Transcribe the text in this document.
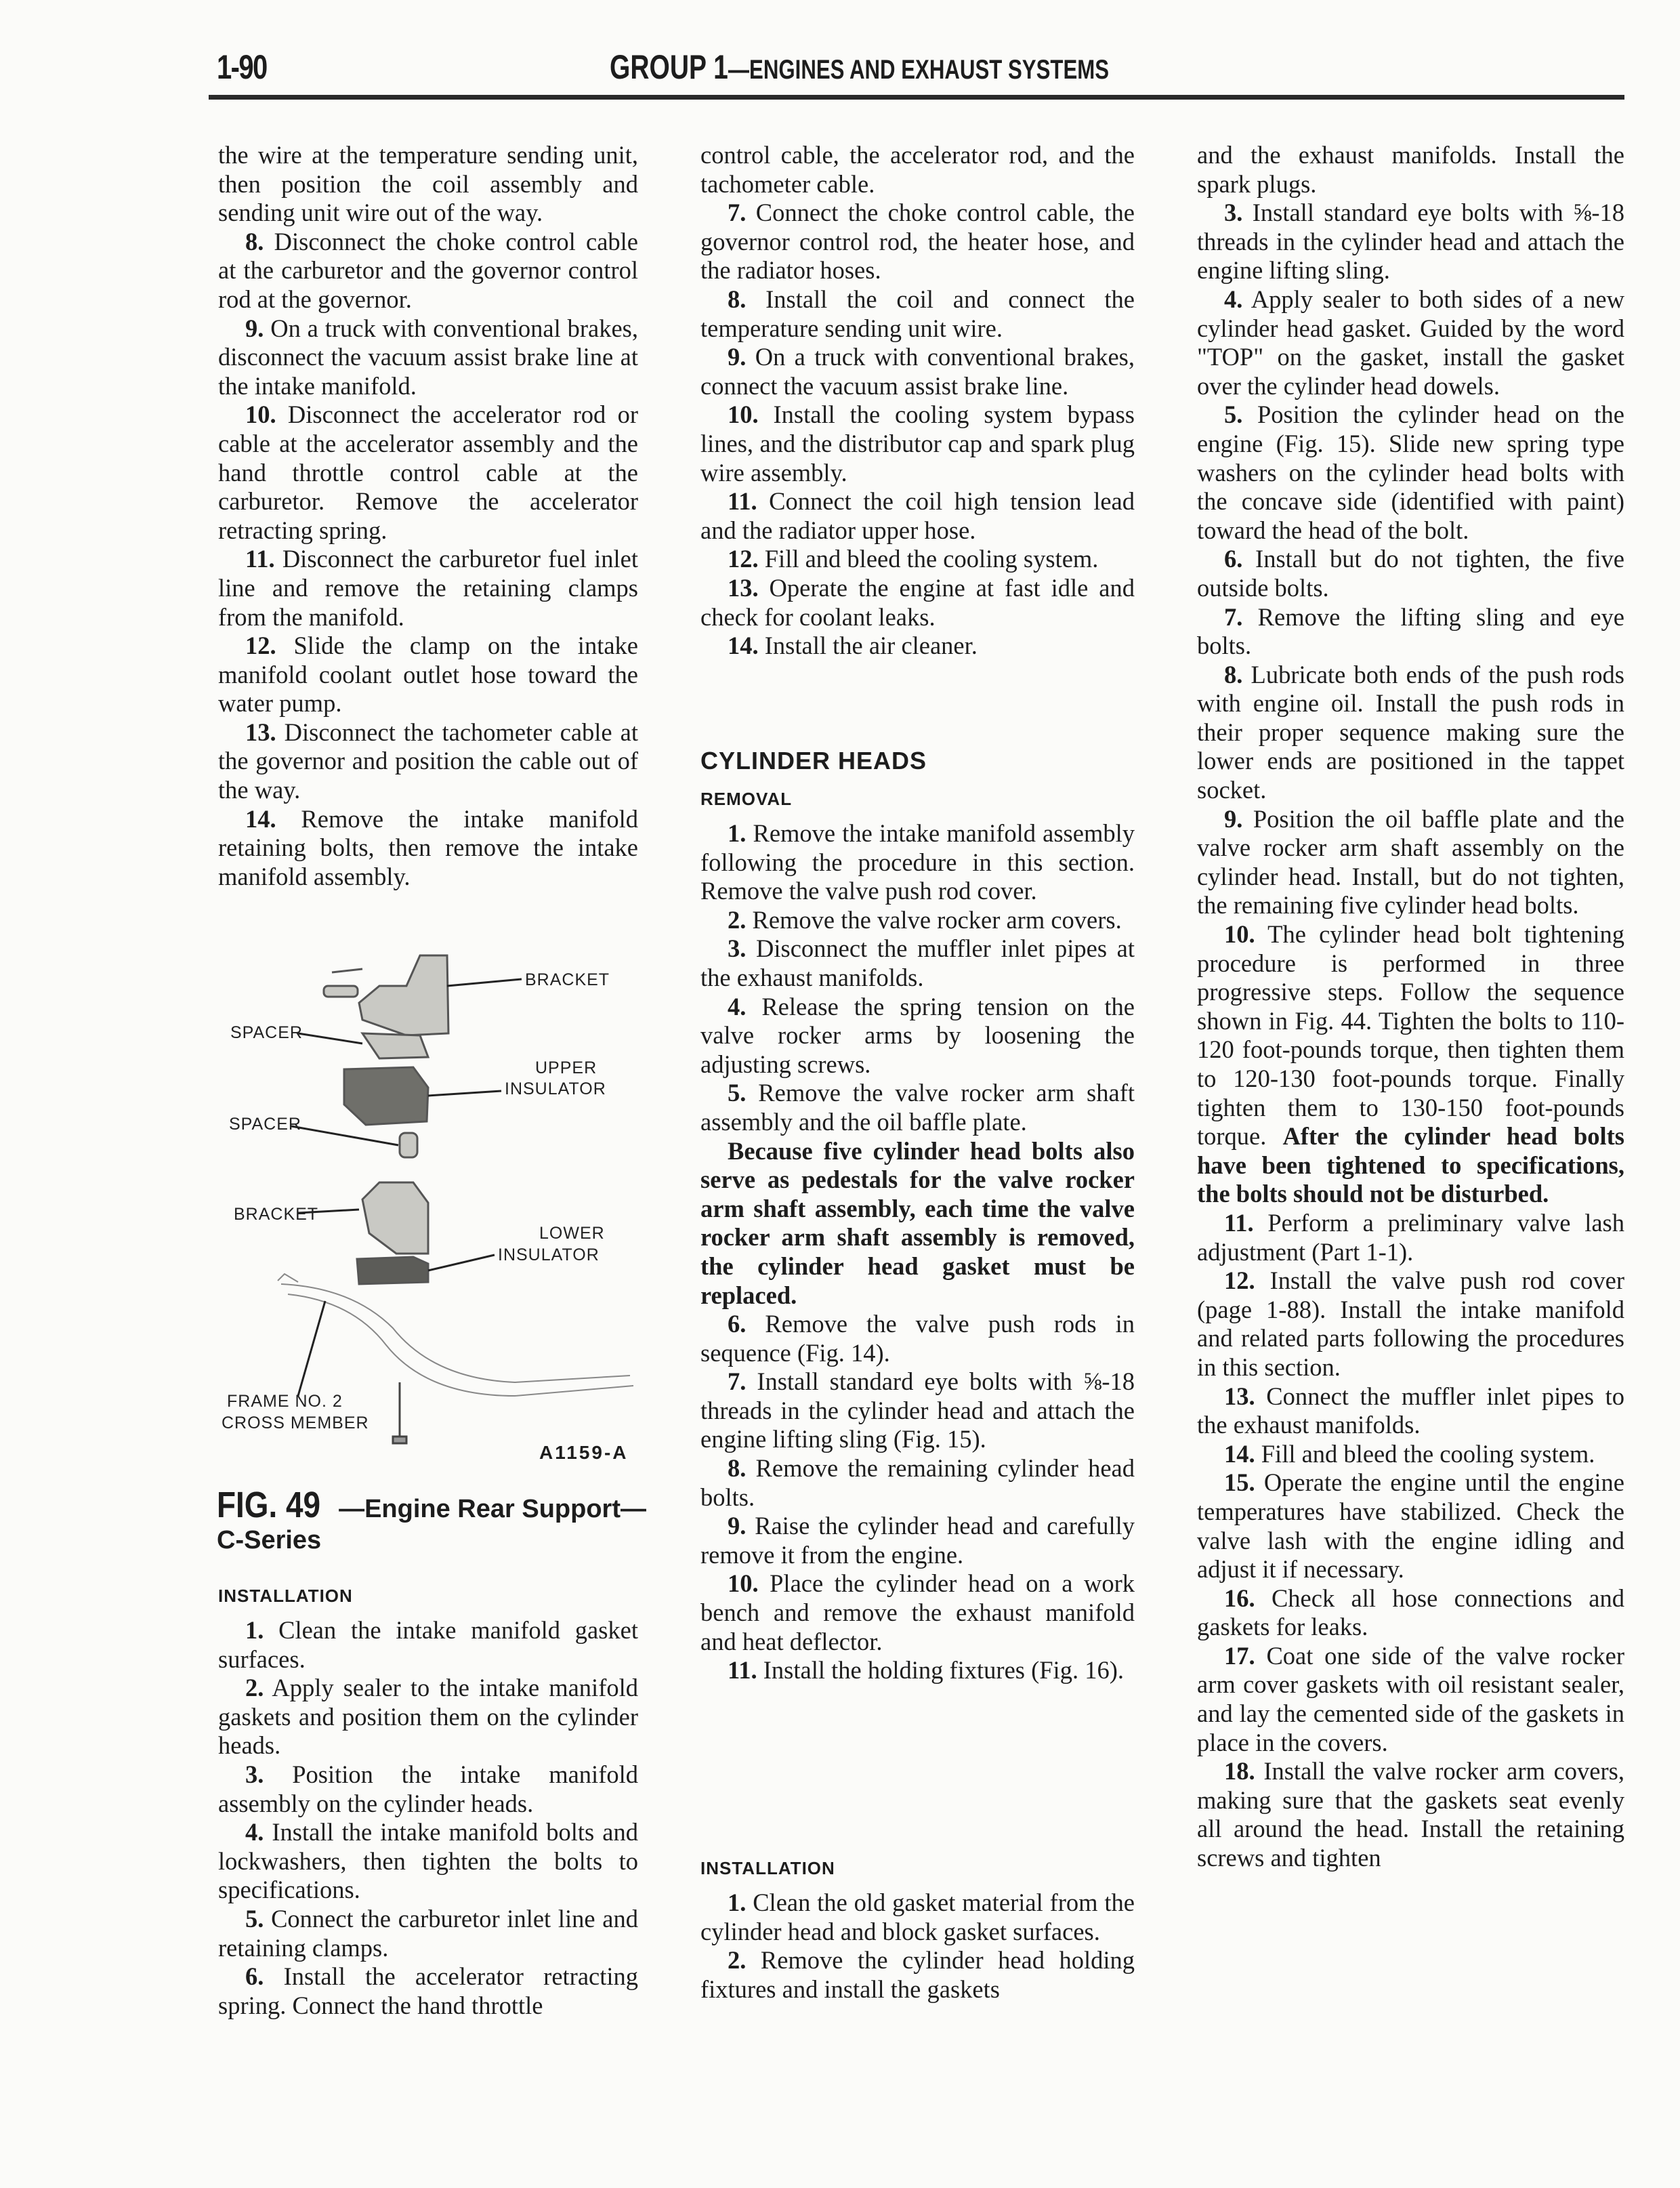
1-90	GROUP 1—ENGINES AND EXHAUST SYSTEMS

the wire at the temperature sending unit, then position the coil assembly and sending unit wire out of the way.

8. Disconnect the choke control cable at the carburetor and the governor control rod at the governor.

9. On a truck with conventional brakes, disconnect the vacuum assist brake line at the intake manifold.

10. Disconnect the accelerator rod or cable at the accelerator assembly and the hand throttle control cable at the carburetor. Remove the accelerator retracting spring.

11. Disconnect the carburetor fuel inlet line and remove the retaining clamps from the manifold.

12. Slide the clamp on the intake manifold coolant outlet hose toward the water pump.

13. Disconnect the tachometer cable at the governor and position the cable out of the way.

14. Remove the intake manifold retaining bolts, then remove the intake manifold assembly.

BRACKET
SPACER
UPPER
INSULATOR
SPACER
BRACKET
LOWER
INSULATOR
FRAME NO. 2
CROSS MEMBER
A1159-A
FIG. 49 —Engine Rear Support—
C-Series
INSTALLATION

1. Clean the intake manifold gasket surfaces.

2. Apply sealer to the intake manifold gaskets and position them on the cylinder heads.

3. Position the intake manifold assembly on the cylinder heads.

4. Install the intake manifold bolts and lockwashers, then tighten the bolts to specifications.

5. Connect the carburetor inlet line and retaining clamps.

6. Install the accelerator retracting spring. Connect the hand throttle

control cable, the accelerator rod, and the tachometer cable.

7. Connect the choke control cable, the governor control rod, the heater hose, and the radiator hoses.

8. Install the coil and connect the temperature sending unit wire.

9. On a truck with conventional brakes, connect the vacuum assist brake line.

10. Install the cooling system bypass lines, and the distributor cap and spark plug wire assembly.

11. Connect the coil high tension lead and the radiator upper hose.

12. Fill and bleed the cooling system.

13. Operate the engine at fast idle and check for coolant leaks.

14. Install the air cleaner.

CYLINDER HEADS
REMOVAL

1. Remove the intake manifold assembly following the procedure in this section. Remove the valve push rod cover.

2. Remove the valve rocker arm covers.

3. Disconnect the muffler inlet pipes at the exhaust manifolds.

4. Release the spring tension on the valve rocker arms by loosening the adjusting screws.

5. Remove the valve rocker arm shaft assembly and the oil baffle plate.

Because five cylinder head bolts also serve as pedestals for the valve rocker arm shaft assembly, each time the valve rocker arm shaft assembly is removed, the cylinder head gasket must be replaced.

6. Remove the valve push rods in sequence (Fig. 14).

7. Install standard eye bolts with ⅝-18 threads in the cylinder head and attach the engine lifting sling (Fig. 15).

8. Remove the remaining cylinder head bolts.

9. Raise the cylinder head and carefully remove it from the engine.

10. Place the cylinder head on a work bench and remove the exhaust manifold and heat deflector.

11. Install the holding fixtures (Fig. 16).

INSTALLATION

1. Clean the old gasket material from the cylinder head and block gasket surfaces.

2. Remove the cylinder head holding fixtures and install the gaskets

and the exhaust manifolds. Install the spark plugs.

3. Install standard eye bolts with ⅝-18 threads in the cylinder head and attach the engine lifting sling.

4. Apply sealer to both sides of a new cylinder head gasket. Guided by the word "TOP" on the gasket, install the gasket over the cylinder head dowels.

5. Position the cylinder head on the engine (Fig. 15). Slide new spring type washers on the cylinder head bolts with the concave side (identified with paint) toward the head of the bolt.

6. Install but do not tighten, the five outside bolts.

7. Remove the lifting sling and eye bolts.

8. Lubricate both ends of the push rods with engine oil. Install the push rods in their proper sequence making sure the lower ends are positioned in the tappet socket.

9. Position the oil baffle plate and the valve rocker arm shaft assembly on the cylinder head. Install, but do not tighten, the remaining five cylinder head bolts.

10. The cylinder head bolt tightening procedure is performed in three progressive steps. Follow the sequence shown in Fig. 44. Tighten the bolts to 110-120 foot-pounds torque, then tighten them to 120-130 foot-pounds torque. Finally tighten them to 130-150 foot-pounds torque. After the cylinder head bolts have been tightened to specifications, the bolts should not be disturbed.

11. Perform a preliminary valve lash adjustment (Part 1-1).

12. Install the valve push rod cover (page 1-88). Install the intake manifold and related parts following the procedures in this section.

13. Connect the muffler inlet pipes to the exhaust manifolds.

14. Fill and bleed the cooling system.

15. Operate the engine until the engine temperatures have stabilized. Check the valve lash with the engine idling and adjust it if necessary.

16. Check all hose connections and gaskets for leaks.

17. Coat one side of the valve rocker arm cover gaskets with oil resistant sealer, and lay the cemented side of the gaskets in place in the covers.

18. Install the valve rocker arm covers, making sure that the gaskets seat evenly all around the head. Install the retaining screws and tighten
